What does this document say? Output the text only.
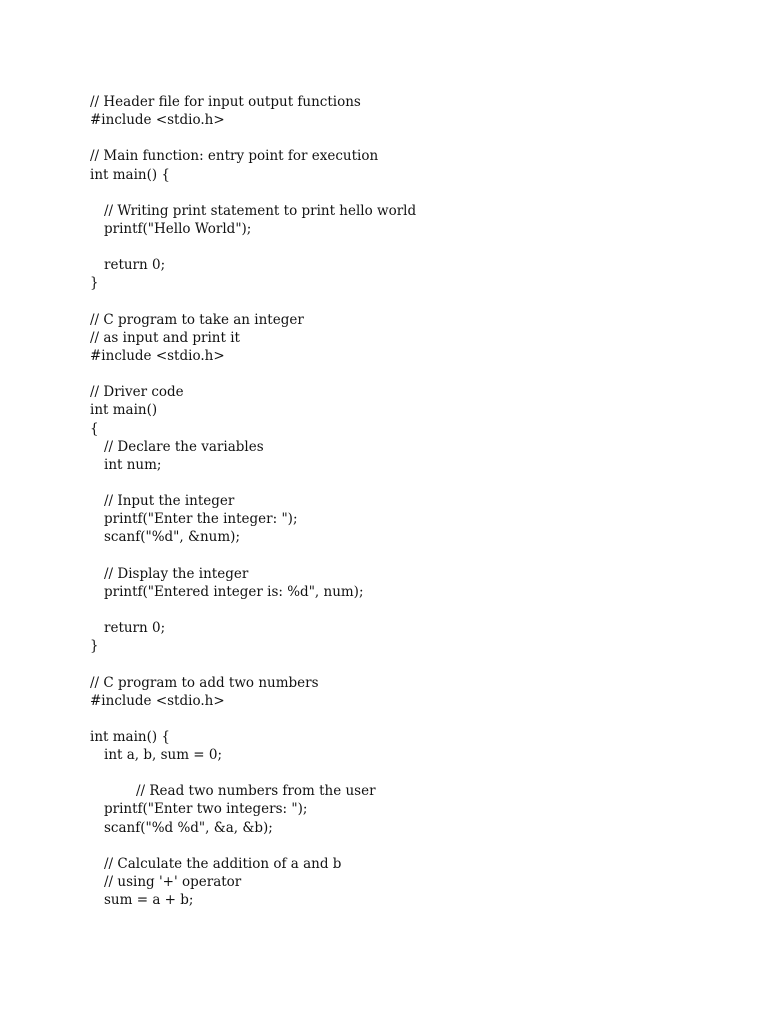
// Header file for input output functions
#include <stdio.h>
// Main function: entry point for execution
int main() {
// Writing print statement to print hello world
printf("Hello World");
return 0;
}
// C program to take an integer
// as input and print it
#include <stdio.h>
// Driver code
int main()
{
// Declare the variables
int num;
// Input the integer
printf("Enter the integer: ");
scanf("%d", &num);
// Display the integer
printf("Entered integer is: %d", num);
return 0;
}
// C program to add two numbers
#include <stdio.h>
int main() {
int a, b, sum = 0;
// Read two numbers from the user
printf("Enter two integers: ");
scanf("%d %d", &a, &b);
// Calculate the addition of a and b
// using '+' operator
sum = a + b;
